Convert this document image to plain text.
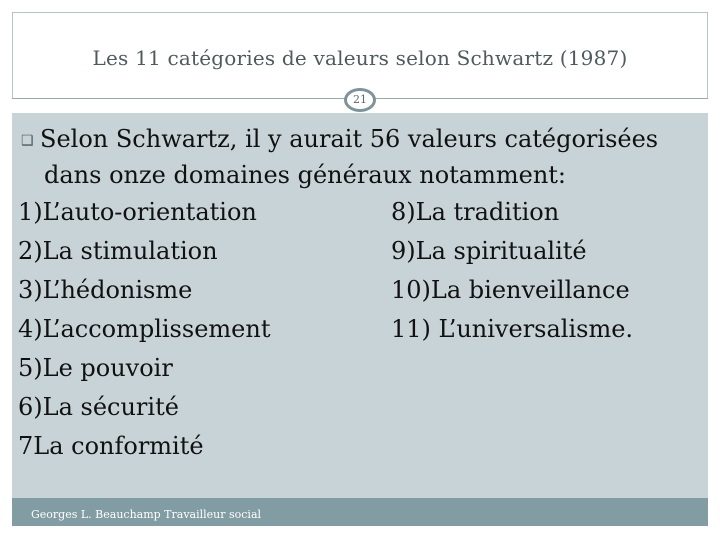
Les 11 catégories de valeurs selon Schwartz (1987)
21
❑ Selon Schwartz, il y aurait 56 valeurs catégorisées
dans onze domaines généraux notamment:
1)L’auto-orientation
2)La stimulation
3)L’hédonisme
4)L’accomplissement
5)Le pouvoir
6)La sécurité
7La conformité
8)La tradition
9)La spiritualité
10)La bienveillance
11) L’universalisme.
Georges L. Beauchamp Travailleur social
